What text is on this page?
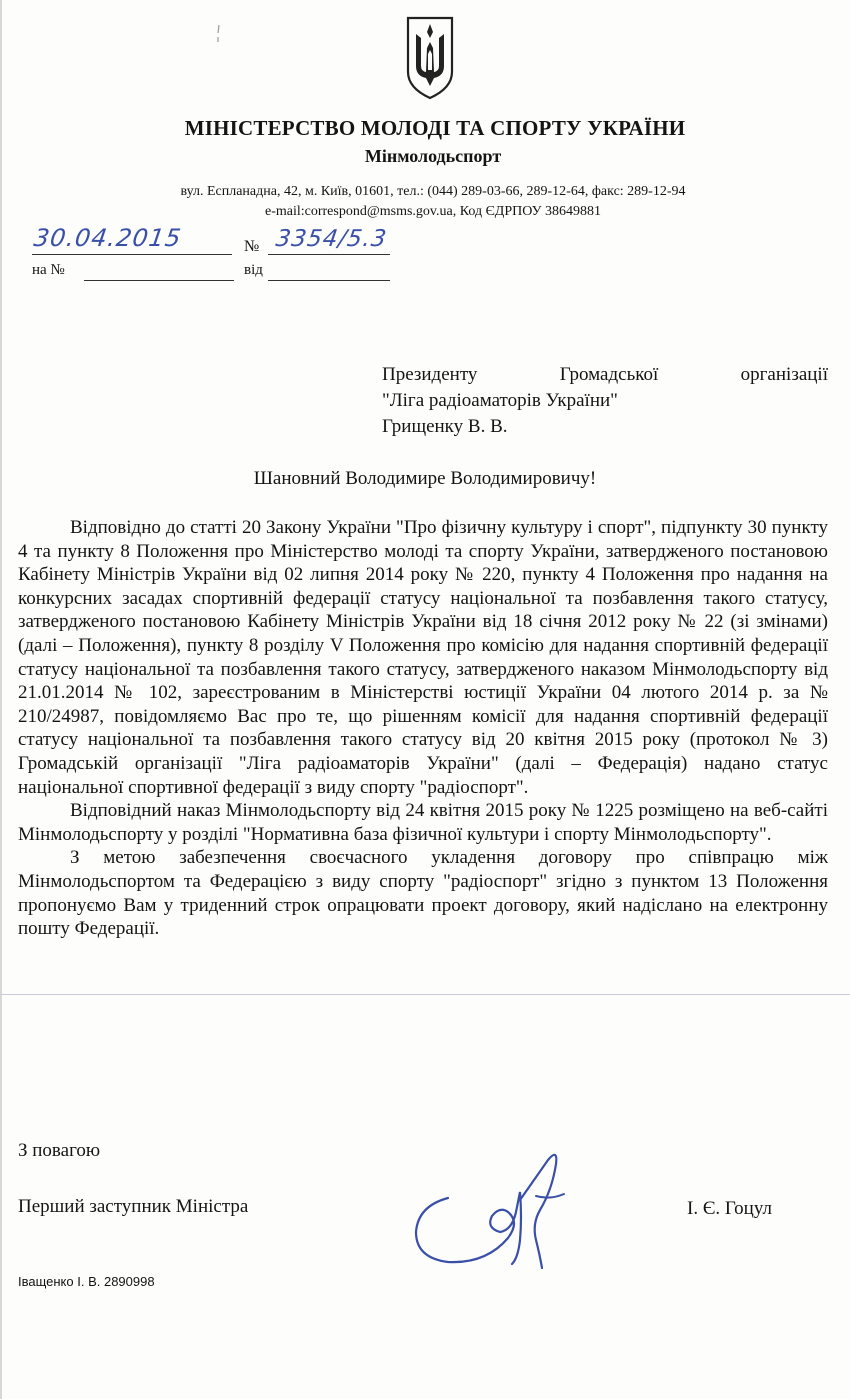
МІНІСТЕРСТВО МОЛОДІ ТА СПОРТУ УКРАЇНИ
Мінмолодьспорт
вул. Еспланадна, 42, м. Київ, 01601, тел.: (044) 289-03-66, 289-12-64, факс: 289-12-94
e-mail:correspond@msms.gov.ua, Код ЄДРПОУ 38649881
30.04.2015	№ 3354/5.3
на №	від
Президенту	Громадської	організації
"Ліга радіоаматорів України"
Грищенку В. В.
Шановний Володимире Володимировичу!

Відповідно до статті 20 Закону України "Про фізичну культуру і спорт", підпункту 30 пункту 4 та пункту 8 Положення про Міністерство молоді та спорту України, затвердженого постановою Кабінету Міністрів України від 02 липня 2014 року № 220, пункту 4 Положення про надання на конкурсних засадах спортивній федерації статусу національної та позбавлення такого статусу, затвердженого постановою Кабінету Міністрів України від 18 січня 2012 року № 22 (зі змінами) (далі – Положення), пункту 8 розділу V Положення про комісію для надання спортивній федерації статусу національної та позбавлення такого статусу, затвердженого наказом Мінмолодьспорту від 21.01.2014 № 102, зареєстрованим в Міністерстві юстиції України 04 лютого 2014 р. за № 210/24987, повідомляємо Вас про те, що рішенням комісії для надання спортивній федерації статусу національної та позбавлення такого статусу від 20 квітня 2015 року (протокол № 3) Громадській організації "Ліга радіоаматорів України" (далі – Федерація) надано статус національної спортивної федерації з виду спорту "радіоспорт".

Відповідний наказ Мінмолодьспорту від 24 квітня 2015 року № 1225 розміщено на веб-сайті Мінмолодьспорту у розділі "Нормативна база фізичної культури і спорту Мінмолодьспорту".

З метою забезпечення своєчасного укладення договору про співпрацю між Мінмолодьспортом та Федерацією з виду спорту "радіоспорт" згідно з пунктом 13 Положення пропонуємо Вам у триденний строк опрацювати проект договору, який надіслано на електронну пошту Федерації.

З повагою
Перший заступник Міністра	І. Є. Гоцул
Іващенко І. В. 2890998
